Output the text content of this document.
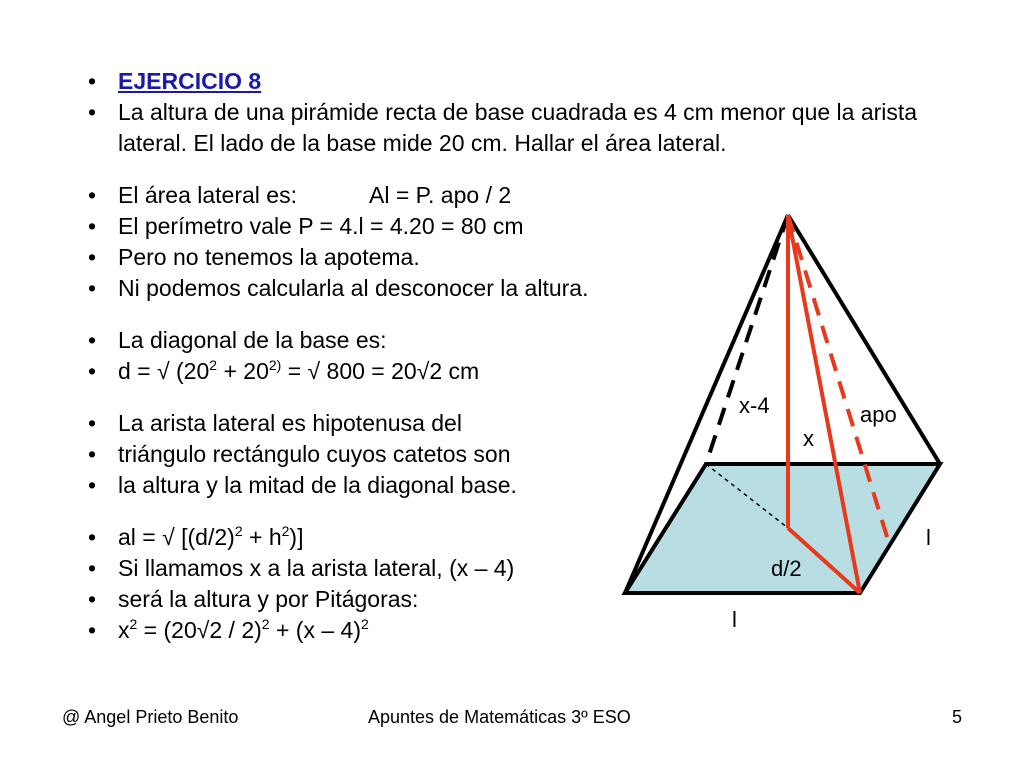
• EJERCICIO 8
• La altura de una pirámide recta de base cuadrada es 4 cm menor que la arista lateral. El lado de la base mide 20 cm. Hallar el área lateral.
• El área lateral es:	Al = P. apo / 2
• El perímetro vale P = 4.l = 4.20 = 80 cm
• Pero no tenemos la apotema.
• Ni podemos calcularla al desconocer la altura.
• La diagonal de la base es:
• d = √ ($20^2 + 20^{2)}$ = √ 800 = 20√2 cm
• La arista lateral es hipotenusa del
• triángulo rectángulo cuyos catetos son
• la altura y la mitad de la diagonal base.
• al = √ $[(d/2)^2 + h^2)$]
• Si llamamos x a la arista lateral, (x – 4)
• será la altura y por Pitágoras:
• $x^2 = (20√2 / 2)^2 + (x - 4)^2$
x-4
x
apo
d/2
l
l
@ Angel Prieto Benito	Apuntes de Matemáticas 3º ESO	5
